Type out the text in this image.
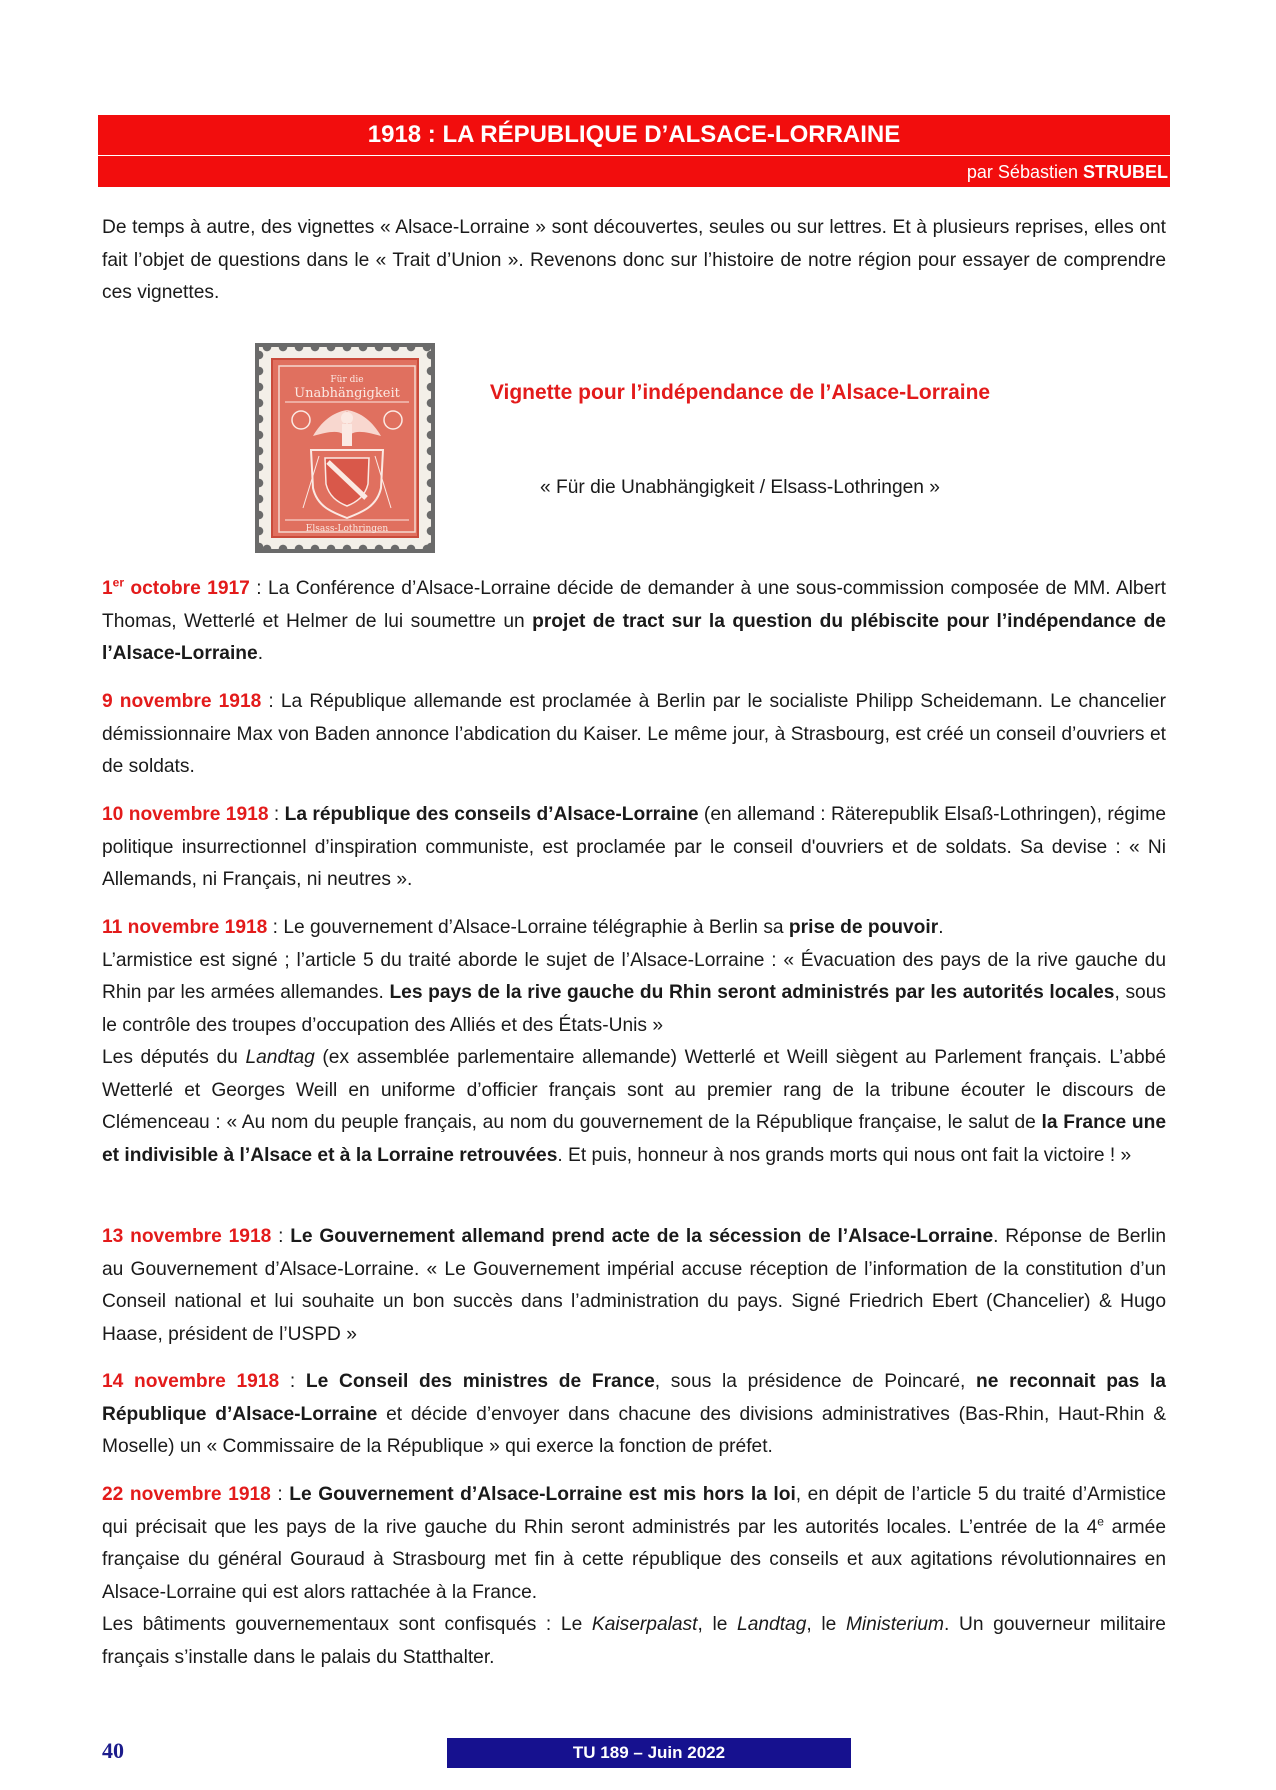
1918 : LA RÉPUBLIQUE D’ALSACE-LORRAINE
par Sébastien STRUBEL

De temps à autre, des vignettes « Alsace-Lorraine » sont découvertes, seules ou sur lettres. Et à plusieurs reprises, elles ont fait l’objet de questions dans le « Trait d’Union ». Revenons donc sur l’histoire de notre région pour essayer de comprendre ces vignettes.

Für die
Unabhängigkeit
Elsass-Lothringen
Vignette pour l’indépendance de l’Alsace-Lorraine
« Für die Unabhängigkeit / Elsass-Lothringen »

1er octobre 1917 : La Conférence d’Alsace-Lorraine décide de demander à une sous-commission composée de MM. Albert Thomas, Wetterlé et Helmer de lui soumettre un projet de tract sur la question du plébiscite pour l’indépendance de l’Alsace-Lorraine.

9 novembre 1918 : La République allemande est proclamée à Berlin par le socialiste Philipp Scheidemann. Le chancelier démissionnaire Max von Baden annonce l’abdication du Kaiser. Le même jour, à Strasbourg, est créé un conseil d’ouvriers et de soldats.

10 novembre 1918 : La république des conseils d’Alsace-Lorraine (en allemand : Räterepublik Elsaß-Lothringen), régime politique insurrectionnel d’inspiration communiste, est proclamée par le conseil d'ouvriers et de soldats. Sa devise : « Ni Allemands, ni Français, ni neutres ».

11 novembre 1918 : Le gouvernement d’Alsace-Lorraine télégraphie à Berlin sa prise de pouvoir.
L’armistice est signé ; l’article 5 du traité aborde le sujet de l’Alsace-Lorraine : « Évacuation des pays de la rive gauche du Rhin par les armées allemandes. Les pays de la rive gauche du Rhin seront administrés par les autorités locales, sous le contrôle des troupes d’occupation des Alliés et des États-Unis »
Les députés du Landtag (ex assemblée parlementaire allemande) Wetterlé et Weill siègent au Parlement français. L’abbé Wetterlé et Georges Weill en uniforme d’officier français sont au premier rang de la tribune écouter le discours de Clémenceau : « Au nom du peuple français, au nom du gouvernement de la République française, le salut de la France une et indivisible à l’Alsace et à la Lorraine retrouvées. Et puis, honneur à nos grands morts qui nous ont fait la victoire ! »

13 novembre 1918 : Le Gouvernement allemand prend acte de la sécession de l’Alsace-Lorraine. Réponse de Berlin au Gouvernement d’Alsace-Lorraine. « Le Gouvernement impérial accuse réception de l’information de la constitution d’un Conseil national et lui souhaite un bon succès dans l’administration du pays. Signé Friedrich Ebert (Chancelier) & Hugo Haase, président de l’USPD »

14 novembre 1918 : Le Conseil des ministres de France, sous la présidence de Poincaré, ne reconnait pas la République d’Alsace-Lorraine et décide d’envoyer dans chacune des divisions administratives (Bas-Rhin, Haut-Rhin & Moselle) un « Commissaire de la République » qui exerce la fonction de préfet.

22 novembre 1918 : Le Gouvernement d’Alsace-Lorraine est mis hors la loi, en dépit de l’article 5 du traité d’Armistice qui précisait que les pays de la rive gauche du Rhin seront administrés par les autorités locales. L’entrée de la 4e armée française du général Gouraud à Strasbourg met fin à cette république des conseils et aux agitations révolutionnaires en Alsace-Lorraine qui est alors rattachée à la France.
Les bâtiments gouvernementaux sont confisqués : Le Kaiserpalast, le Landtag, le Ministerium. Un gouverneur militaire français s’installe dans le palais du Statthalter.
40	TU 189 – Juin 2022
